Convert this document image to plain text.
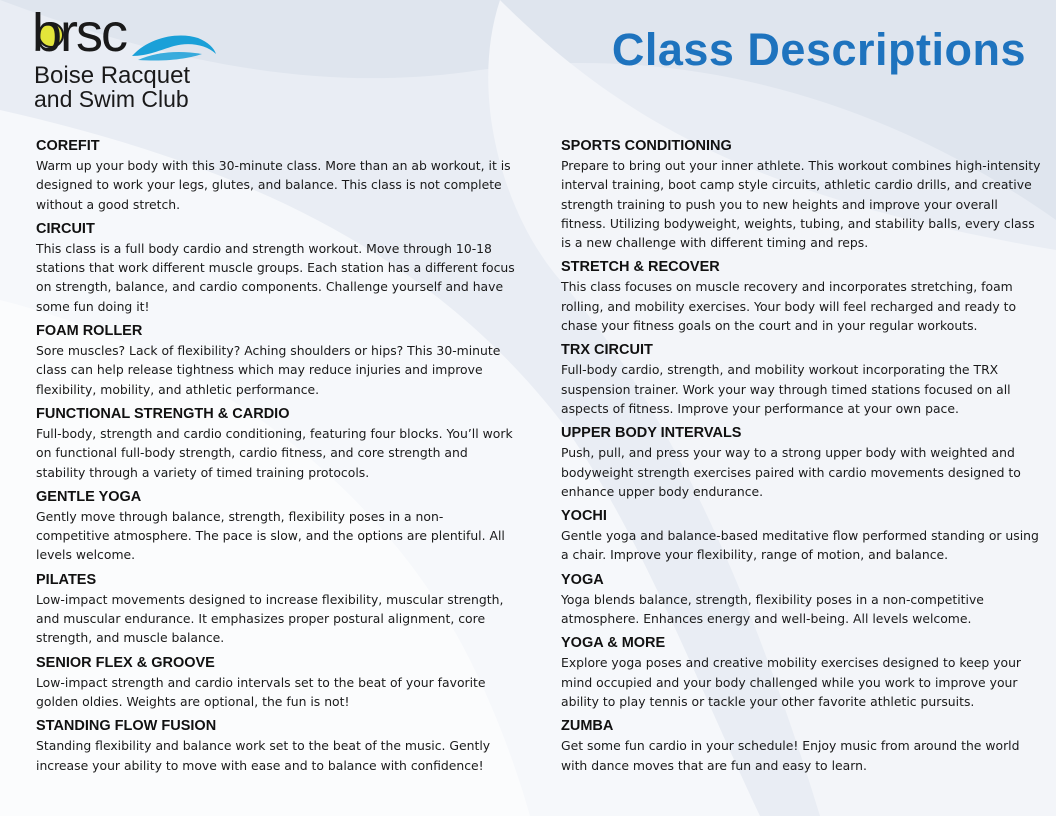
brsc
Boise Racquet
and Swim Club
Class Descriptions
COREFIT
Warm up your body with this 30-minute class. More than an ab workout, it is designed to work your legs, glutes, and balance. This class is not complete without a good stretch.
CIRCUIT
This class is a full body cardio and strength workout. Move through 10-18 stations that work different muscle groups. Each station has a different focus on strength, balance, and cardio components. Challenge yourself and have some fun doing it!
FOAM ROLLER
Sore muscles? Lack of flexibility? Aching shoulders or hips? This 30-minute class can help release tightness which may reduce injuries and improve flexibility, mobility, and athletic performance.
FUNCTIONAL STRENGTH & CARDIO
Full-body, strength and cardio conditioning, featuring four blocks. You’ll work on functional full-body strength, cardio fitness, and core strength and stability through a variety of timed training protocols.
GENTLE YOGA
Gently move through balance, strength, flexibility poses in a non-competitive atmosphere. The pace is slow, and the options are plentiful. All levels welcome.
PILATES
Low-impact movements designed to increase flexibility, muscular strength, and muscular endurance. It emphasizes proper postural alignment, core strength, and muscle balance.
SENIOR FLEX & GROOVE
Low-impact strength and cardio intervals set to the beat of your favorite golden oldies. Weights are optional, the fun is not!
STANDING FLOW FUSION
Standing flexibility and balance work set to the beat of the music. Gently increase your ability to move with ease and to balance with confidence!
SPORTS CONDITIONING
Prepare to bring out your inner athlete. This workout combines high-intensity interval training, boot camp style circuits, athletic cardio drills, and creative strength training to push you to new heights and improve your overall fitness. Utilizing bodyweight, weights, tubing, and stability balls, every class is a new challenge with different timing and reps.
STRETCH & RECOVER
This class focuses on muscle recovery and incorporates stretching, foam rolling, and mobility exercises. Your body will feel recharged and ready to chase your fitness goals on the court and in your regular workouts.
TRX CIRCUIT
Full-body cardio, strength, and mobility workout incorporating the TRX suspension trainer. Work your way through timed stations focused on all aspects of fitness. Improve your performance at your own pace.
UPPER BODY INTERVALS
Push, pull, and press your way to a strong upper body with weighted and bodyweight strength exercises paired with cardio movements designed to enhance upper body endurance.
YOCHI
Gentle yoga and balance-based meditative flow performed standing or using a chair. Improve your flexibility, range of motion, and balance.
YOGA
Yoga blends balance, strength, flexibility poses in a non-competitive atmosphere. Enhances energy and well-being. All levels welcome.
YOGA & MORE
Explore yoga poses and creative mobility exercises designed to keep your mind occupied and your body challenged while you work to improve your ability to play tennis or tackle your other favorite athletic pursuits.
ZUMBA
Get some fun cardio in your schedule! Enjoy music from around the world with dance moves that are fun and easy to learn.
